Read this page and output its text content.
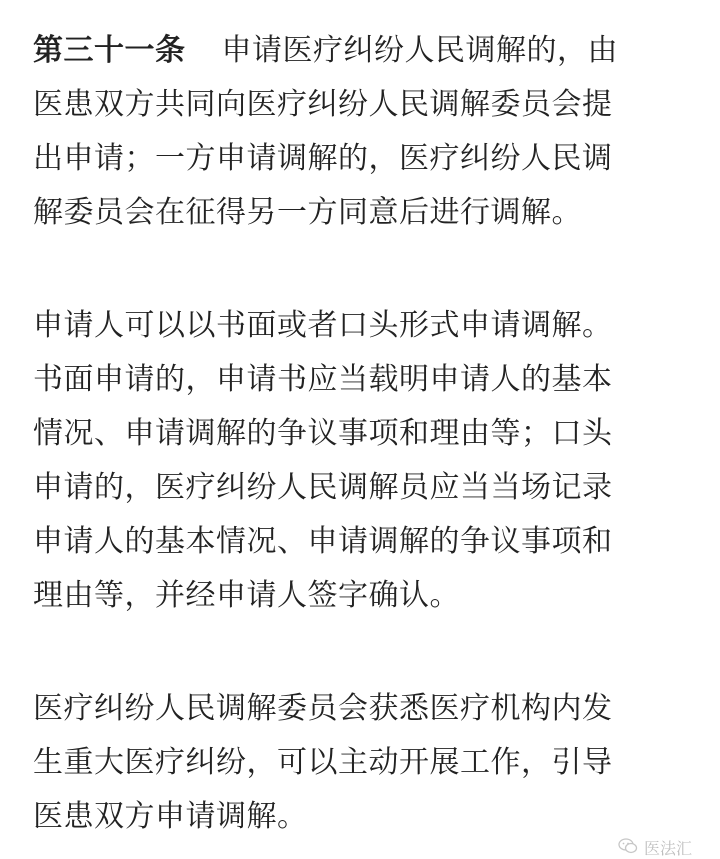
第三十一条 申请医疗纠纷人民调解的，由
医患双方共同向医疗纠纷人民调解委员会提
出申请；一方申请调解的，医疗纠纷人民调
解委员会在征得另一方同意后进行调解。
申请人可以以书面或者口头形式申请调解。
书面申请的，申请书应当载明申请人的基本
情况、申请调解的争议事项和理由等；口头
申请的，医疗纠纷人民调解员应当当场记录
申请人的基本情况、申请调解的争议事项和
理由等，并经申请人签字确认。
医疗纠纷人民调解委员会获悉医疗机构内发
生重大医疗纠纷，可以主动开展工作，引导
医患双方申请调解。
医法汇
